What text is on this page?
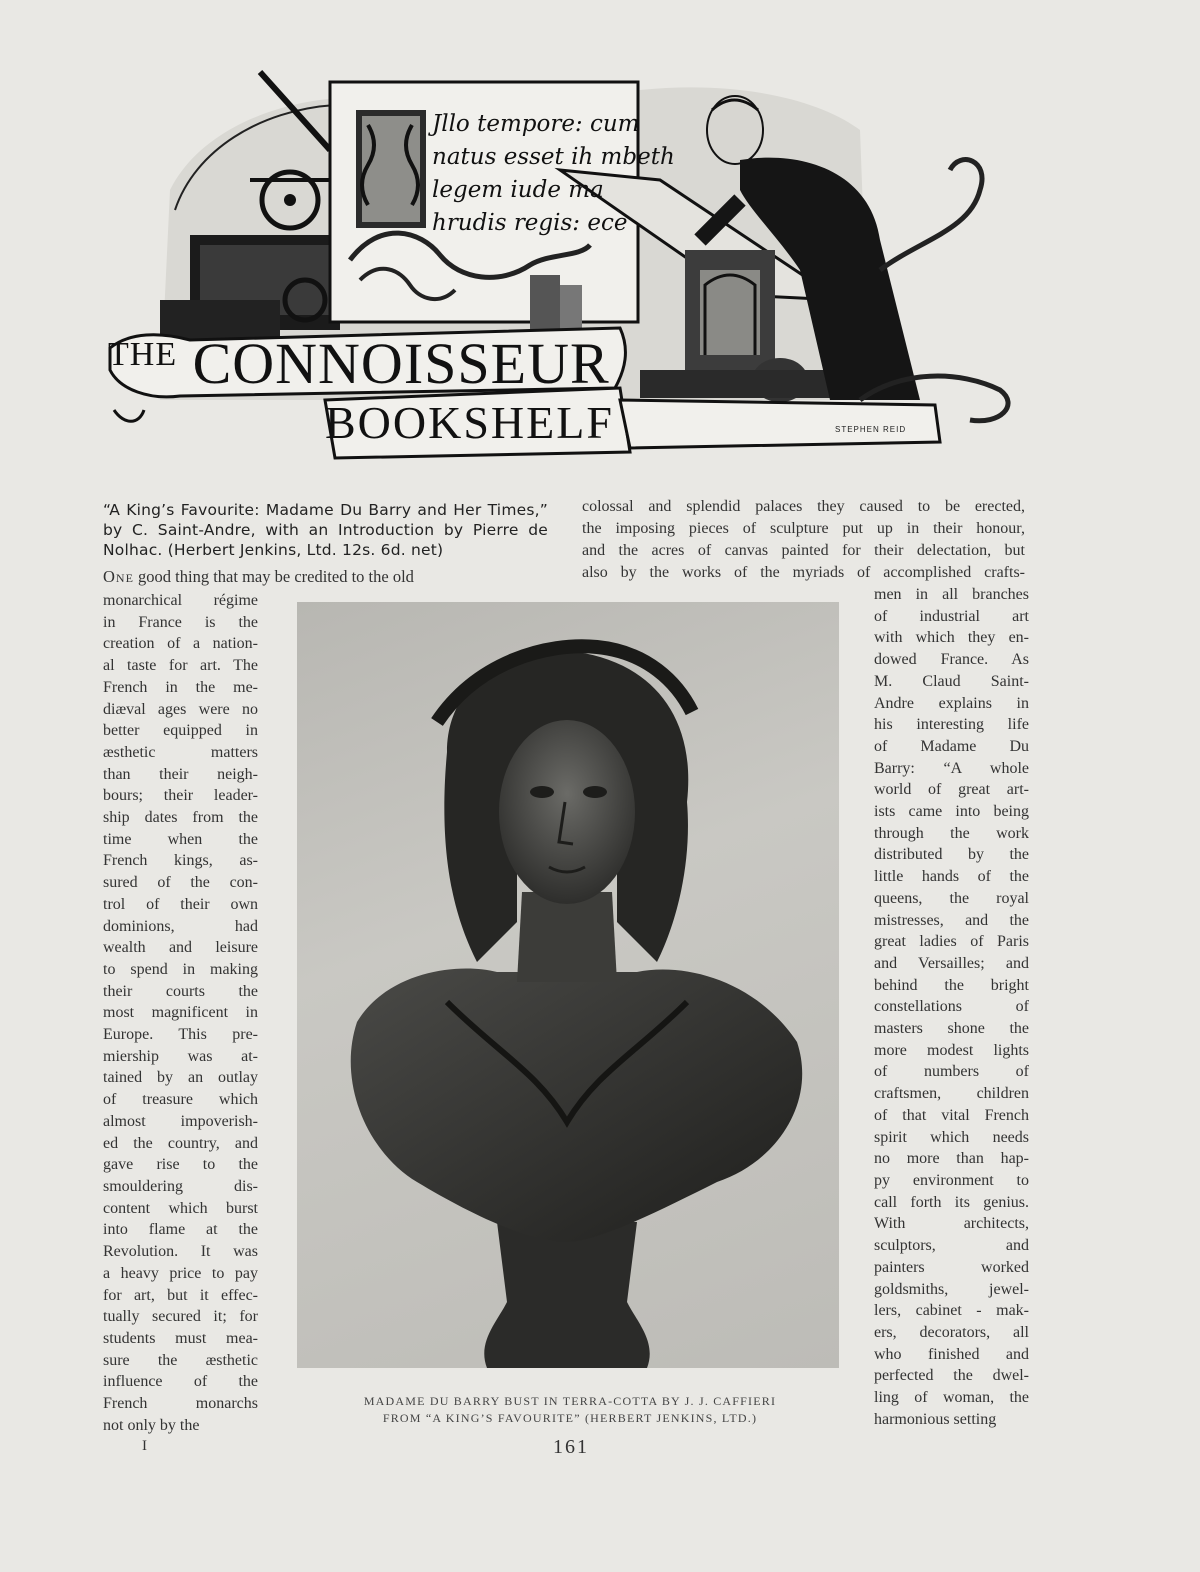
Jllo tempore: cum
natus esset ih mbeth
legem iude ma
hrudis regis: ece
$^{THE}$ CONNOISSEUR
BOOKSHELF	STEPHEN REID
“A King’s Favourite: Madame Du Barry and Her Times,” by C. Saint-Andre, with an Introduction by Pierre de Nolhac. (Herbert Jenkins, Ltd. 12s. 6d. net)
One good thing that may be credited to the old
monarchical régime
in France is the
creation of a nation-
al taste for art. The
French in the me-
diæval ages were no
better equipped in
æsthetic matters
than their neigh-
bours; their leader-
ship dates from the
time when the
French kings, as-
sured of the con-
trol of their own
dominions, had
wealth and leisure
to spend in making
their courts the
most magnificent in
Europe. This pre-
miership was at-
tained by an outlay
of treasure which
almost impoverish-
ed the country, and
gave rise to the
smouldering dis-
content which burst
into flame at the
Revolution. It was
a heavy price to pay
for art, but it effec-
tually secured it; for
students must mea-
sure the æsthetic
influence of the
French monarchs
not only by the
colossal and splendid palaces they caused to be erected,
the imposing pieces of sculpture put up in their honour,
and the acres of canvas painted for their delectation, but
also by the works of the myriads of accomplished crafts-
men in all branches
of industrial art
with which they en-
dowed France. As
M. Claud Saint-
Andre explains in
his interesting life
of Madame Du
Barry: “A whole
world of great art-
ists came into being
through the work
distributed by the
little hands of the
queens, the royal
mistresses, and the
great ladies of Paris
and Versailles; and
behind the bright
constellations of
masters shone the
more modest lights
of numbers of
craftsmen, children
of that vital French
spirit which needs
no more than hap-
py environment to
call forth its genius.
With architects,
sculptors, and
painters worked
goldsmiths, jewel-
lers, cabinet - mak-
ers, decorators, all
who finished and
perfected the dwel-
ling of woman, the
harmonious setting
MADAME DU BARRY BUST IN TERRA-COTTA BY J. J. CAFFIERI
FROM “A KING’S FAVOURITE” (HERBERT JENKINS, LTD.)
I	161
